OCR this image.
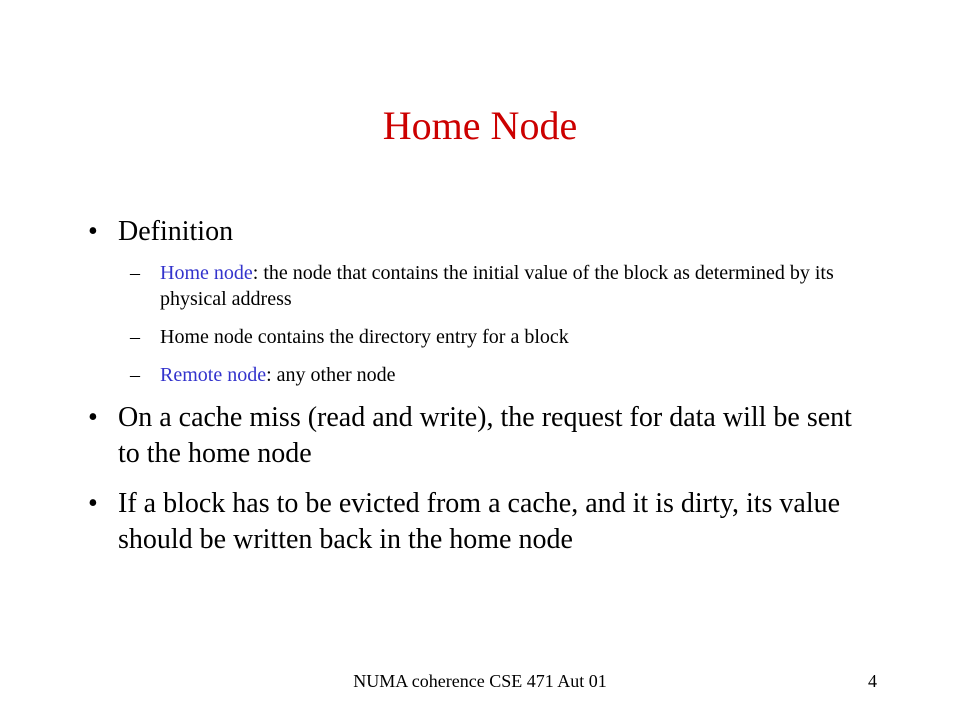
Home Node
• Definition
– Home node: the node that contains the initial value of the block as determined by its physical address
– Home node contains the directory entry for a block
– Remote node: any other node
• On a cache miss (read and write), the request for data will be sent to the home node
• If a block has to be evicted from a cache, and it is dirty, its value should be written back in the home node
NUMA coherence CSE 471 Aut 01	4
